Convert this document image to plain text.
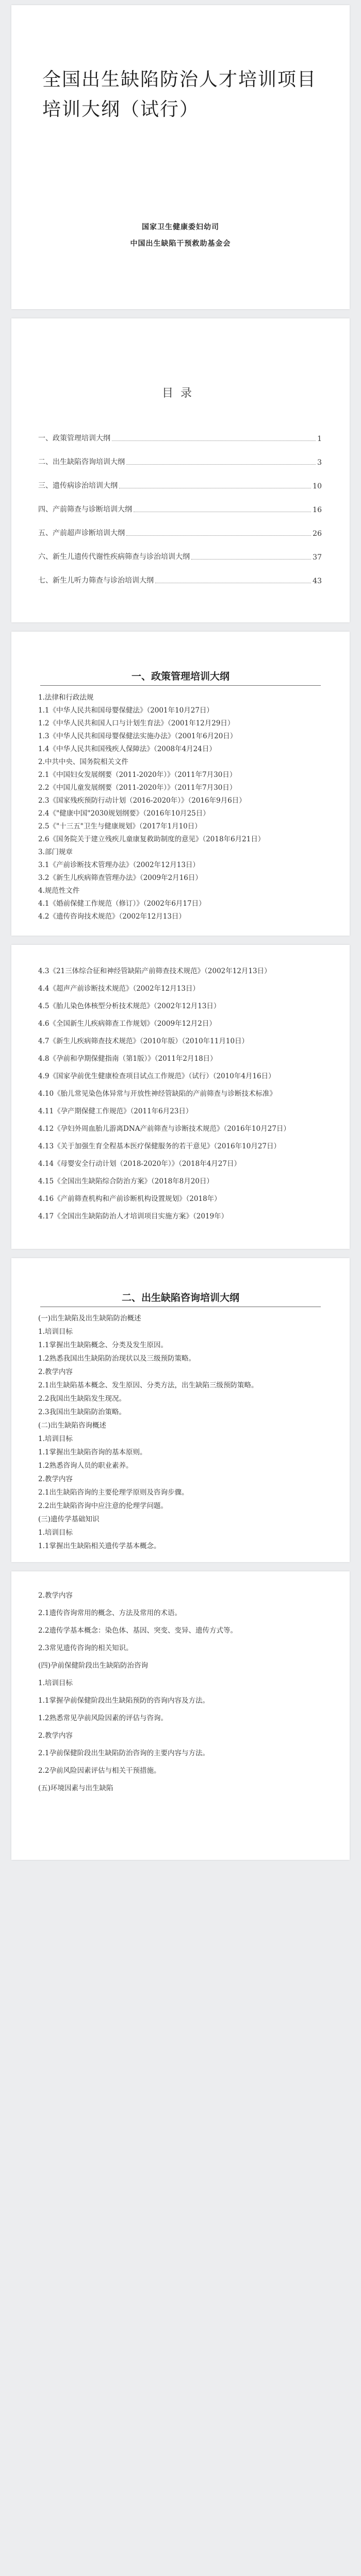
全国出生缺陷防治人才培训项目
培训大纲（试行）
国家卫生健康委妇幼司
中国出生缺陷干预救助基金会
目录
一、政策管理培训大纲	1
二、出生缺陷咨询培训大纲	3
三、遗传病诊治培训大纲	10
四、产前筛查与诊断培训大纲	16
五、产前超声诊断培训大纲	26
六、新生儿遗传代谢性疾病筛查与诊治培训大纲	37
七、新生儿听力筛查与诊治培训大纲	43
一、政策管理培训大纲
1.法律和行政法规
1.1《中华人民共和国母婴保健法》（2001年10月27日）
1.2《中华人民共和国人口与计划生育法》（2001年12月29日）
1.3《中华人民共和国母婴保健法实施办法》（2001年6月20日）
1.4《中华人民共和国残疾人保障法》（2008年4月24日）
2.中共中央、国务院相关文件
2.1《中国妇女发展纲要（2011-2020年）》（2011年7月30日）
2.2《中国儿童发展纲要（2011-2020年）》（2011年7月30日）
2.3《国家残疾预防行动计划（2016-2020年）》（2016年9月6日）
2.4《"健康中国"2030规划纲要》（2016年10月25日）
2.5《"十三五"卫生与健康规划》（2017年1月10日）
2.6《国务院关于建立残疾儿童康复救助制度的意见》（2018年6月21日）
3.部门规章
3.1《产前诊断技术管理办法》（2002年12月13日）
3.2《新生儿疾病筛查管理办法》（2009年2月16日）
4.规范性文件
4.1《婚前保健工作规范（修订）》（2002年6月17日）
4.2《遗传咨询技术规范》（2002年12月13日）
4.3《21三体综合征和神经管缺陷产前筛查技术规范》（2002年12月13日）
4.4《超声产前诊断技术规范》（2002年12月13日）
4.5《胎儿染色体核型分析技术规范》（2002年12月13日）
4.6《全国新生儿疾病筛查工作规划》（2009年12月2日）
4.7《新生儿疾病筛查技术规范》（2010年版）（2010年11月10日）
4.8《孕前和孕期保健指南（第1版）》（2011年2月18日）
4.9《国家孕前优生健康检查项目试点工作规范》（试行）（2010年4月16日）
4.10《胎儿常见染色体异常与开放性神经管缺陷的产前筛查与诊断技术标准》
4.11《孕产期保健工作规范》（2011年6月23日）
4.12《孕妇外周血胎儿游离DNA产前筛查与诊断技术规范》（2016年10月27日）
4.13《关于加强生育全程基本医疗保健服务的若干意见》（2016年10月27日）
4.14《母婴安全行动计划（2018-2020年）》（2018年4月27日）
4.15《全国出生缺陷综合防治方案》（2018年8月20日）
4.16《产前筛查机构和产前诊断机构设置规划》（2018年）
4.17《全国出生缺陷防治人才培训项目实施方案》（2019年）
二、出生缺陷咨询培训大纲
(一)出生缺陷及出生缺陷防治概述
1.培训目标
1.1掌握出生缺陷概念、分类及发生原因。
1.2熟悉我国出生缺陷防治现状以及三级预防策略。
2.教学内容
2.1出生缺陷基本概念、发生原因、分类方法，出生缺陷三级预防策略。
2.2我国出生缺陷发生现况。
2.3我国出生缺陷防治策略。
(二)出生缺陷咨询概述
1.培训目标
1.1掌握出生缺陷咨询的基本原则。
1.2熟悉咨询人员的职业素养。
2.教学内容
2.1出生缺陷咨询的主要伦理学原则及咨询步骤。
2.2出生缺陷咨询中应注意的伦理学问题。
(三)遗传学基础知识
1.培训目标
1.1掌握出生缺陷相关遗传学基本概念。
2.教学内容
2.1遗传咨询常用的概念、方法及常用的术语。
2.2遗传学基本概念：染色体、基因、突变、变异、遗传方式等。
2.3常见遗传咨询的相关知识。
(四)孕前保健阶段出生缺陷防治咨询
1.培训目标
1.1掌握孕前保健阶段出生缺陷预防的咨询内容及方法。
1.2熟悉常见孕前风险因素的评估与咨询。
2.教学内容
2.1孕前保健阶段出生缺陷防治咨询的主要内容与方法。
2.2孕前风险因素评估与相关干预措施。
(五)环境因素与出生缺陷
